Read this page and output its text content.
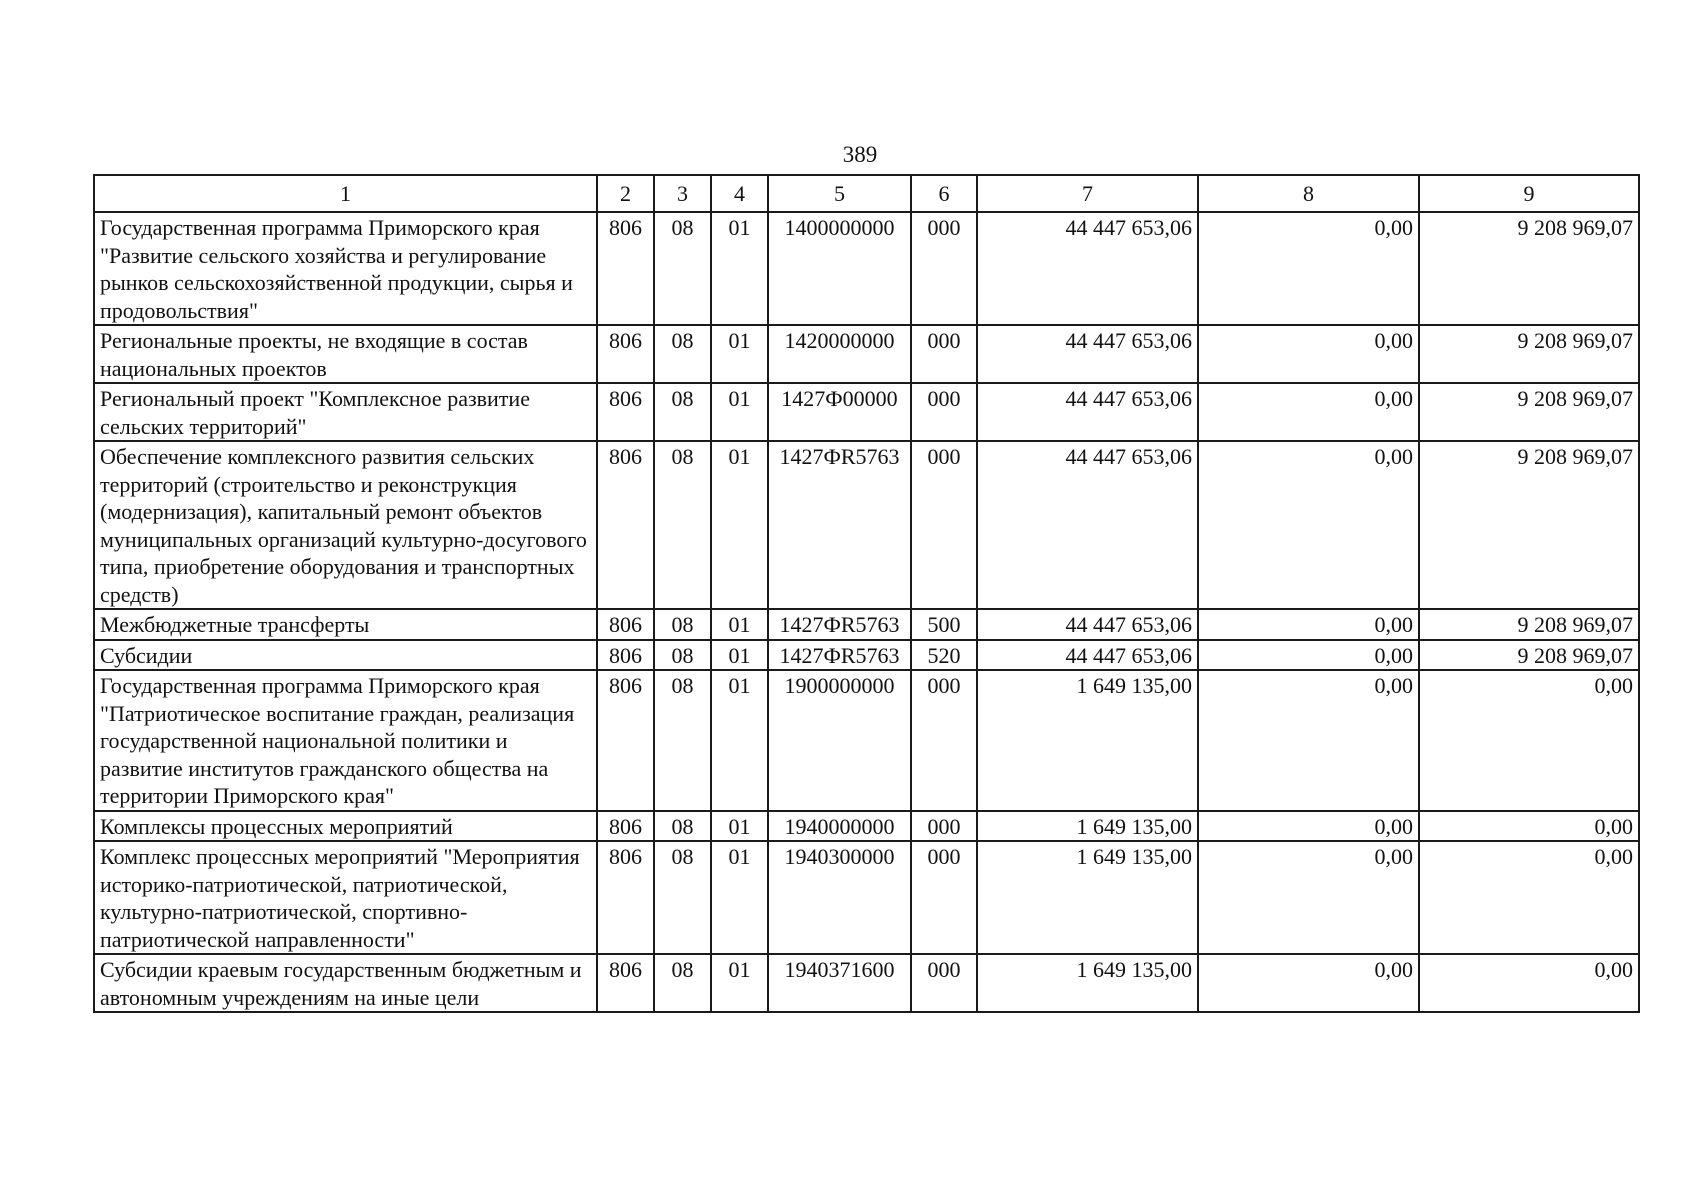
389
1	2	3	4	5	6	7	8	9
Государственная программа Приморского края "Развитие сельского хозяйства и регулирование рынков сельскохозяйственной продукции, сырья и продовольствия"	806	08	01	1400000000	000	44 447 653,06	0,00	9 208 969,07
Региональные проекты, не входящие в состав национальных проектов	806	08	01	1420000000	000	44 447 653,06	0,00	9 208 969,07
Региональный проект "Комплексное развитие сельских территорий"	806	08	01	1427Ф00000	000	44 447 653,06	0,00	9 208 969,07
Обеспечение комплексного развития сельских территорий (строительство и реконструкция (модернизация), капитальный ремонт объектов муниципальных организаций культурно-досугового типа, приобретение оборудования и транспортных средств)	806	08	01	1427ФR5763	000	44 447 653,06	0,00	9 208 969,07
Межбюджетные трансферты	806	08	01	1427ФR5763	500	44 447 653,06	0,00	9 208 969,07
Субсидии	806	08	01	1427ФR5763	520	44 447 653,06	0,00	9 208 969,07
Государственная программа Приморского края "Патриотическое воспитание граждан, реализация государственной национальной политики и развитие институтов гражданского общества на территории Приморского края"	806	08	01	1900000000	000	1 649 135,00	0,00	0,00
Комплексы процессных мероприятий	806	08	01	1940000000	000	1 649 135,00	0,00	0,00
Комплекс процессных мероприятий "Мероприятия историко-патриотической, патриотической, культурно-патриотической, спортивно-патриотической направленности"	806	08	01	1940300000	000	1 649 135,00	0,00	0,00
Субсидии краевым государственным бюджетным и автономным учреждениям на иные цели	806	08	01	1940371600	000	1 649 135,00	0,00	0,00
